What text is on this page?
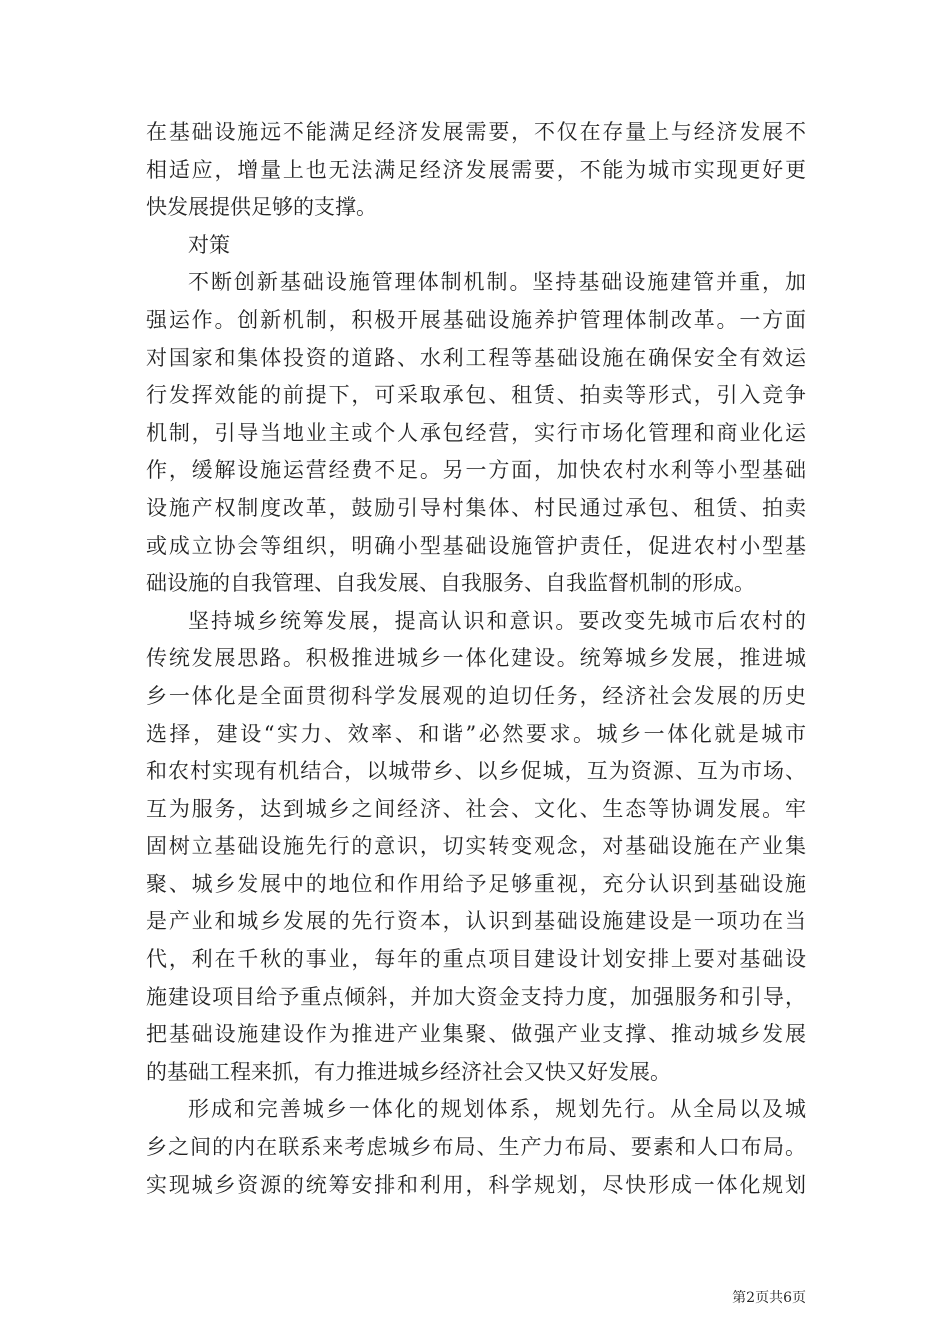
在基础设施远不能满足经济发展需要，不仅在存量上与经济发展不
相适应，增量上也无法满足经济发展需要，不能为城市实现更好更
快发展提供足够的支撑。
对策
不断创新基础设施管理体制机制。坚持基础设施建管并重，加
强运作。创新机制，积极开展基础设施养护管理体制改革。一方面
对国家和集体投资的道路、水利工程等基础设施在确保安全有效运
行发挥效能的前提下，可采取承包、租赁、拍卖等形式，引入竞争
机制，引导当地业主或个人承包经营，实行市场化管理和商业化运
作，缓解设施运营经费不足。另一方面，加快农村水利等小型基础
设施产权制度改革，鼓励引导村集体、村民通过承包、租赁、拍卖
或成立协会等组织，明确小型基础设施管护责任，促进农村小型基
础设施的自我管理、自我发展、自我服务、自我监督机制的形成。
坚持城乡统筹发展，提高认识和意识。要改变先城市后农村的
传统发展思路。积极推进城乡一体化建设。统筹城乡发展，推进城
乡一体化是全面贯彻科学发展观的迫切任务，经济社会发展的历史
选择，建设“实力、效率、和谐”必然要求。城乡一体化就是城市
和农村实现有机结合，以城带乡、以乡促城，互为资源、互为市场、
互为服务，达到城乡之间经济、社会、文化、生态等协调发展。牢
固树立基础设施先行的意识，切实转变观念，对基础设施在产业集
聚、城乡发展中的地位和作用给予足够重视，充分认识到基础设施
是产业和城乡发展的先行资本，认识到基础设施建设是一项功在当
代，利在千秋的事业，每年的重点项目建设计划安排上要对基础设
施建设项目给予重点倾斜，并加大资金支持力度，加强服务和引导，
把基础设施建设作为推进产业集聚、做强产业支撑、推动城乡发展
的基础工程来抓，有力推进城乡经济社会又快又好发展。
形成和完善城乡一体化的规划体系，规划先行。从全局以及城
乡之间的内在联系来考虑城乡布局、生产力布局、要素和人口布局。
实现城乡资源的统筹安排和利用，科学规划，尽快形成一体化规划
第2页共6页
